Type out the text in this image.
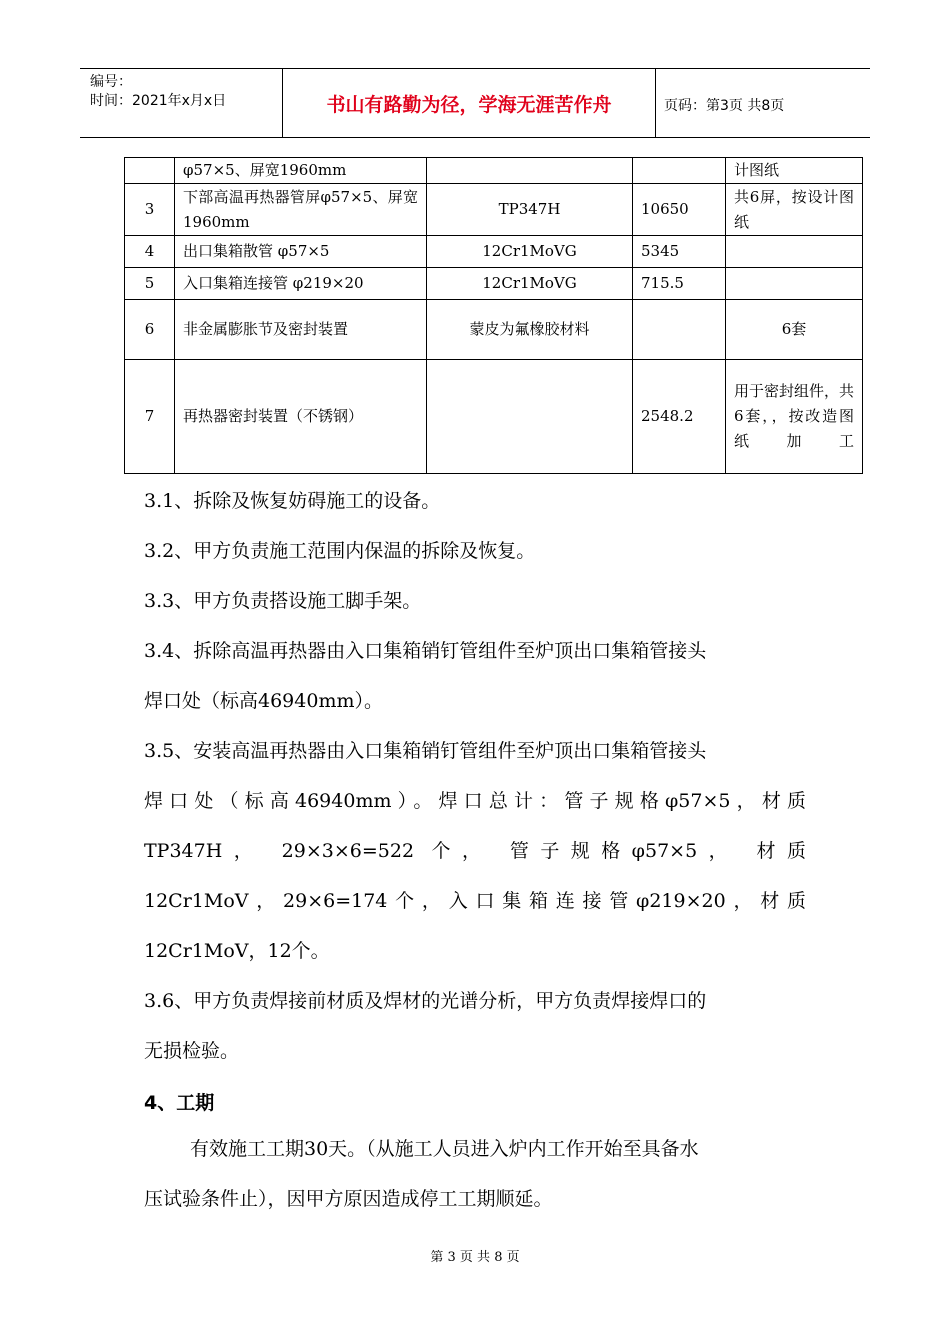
编号：
时间：2021年x月x日	书山有路勤为径，学海无涯苦作舟	页码：第3页 共8页
	φ57×5、屏宽1960mm			计图纸
3	下部高温再热器管屏φ57×5、屏宽1960mm	TP347H	10650	共6屏，按设计图纸
4	出口集箱散管 φ57×5	12Cr1MoVG	5345	
5	入口集箱连接管 φ219×20	12Cr1MoVG	715.5	
6	非金属膨胀节及密封装置	蒙皮为氟橡胶材料		6套
7	再热器密封装置（不锈钢）		2548.2	用于密封组件，共6套，，按改造图纸加工
3.1、拆除及恢复妨碍施工的设备。
3.2、甲方负责施工范围内保温的拆除及恢复。
3.3、甲方负责搭设施工脚手架。
3.4、拆除高温再热器由入口集箱销钉管组件至炉顶出口集箱管接头
焊口处（标高46940mm）。
3.5、安装高温再热器由入口集箱销钉管组件至炉顶出口集箱管接头
焊口处（标高46940mm）。焊口总计：管子规格φ57×5，材质
TP347H， 29×3×6=522 个， 管子规格φ57×5， 材质
12Cr1MoV，29×6=174个，入口集箱连接管φ219×20，材质
12Cr1MoV，12个。
3.6、甲方负责焊接前材质及焊材的光谱分析，甲方负责焊接焊口的
无损检验。
4、工期
有效施工工期30天。（从施工人员进入炉内工作开始至具备水
压试验条件止），因甲方原因造成停工工期顺延。
第 3 页 共 8 页
